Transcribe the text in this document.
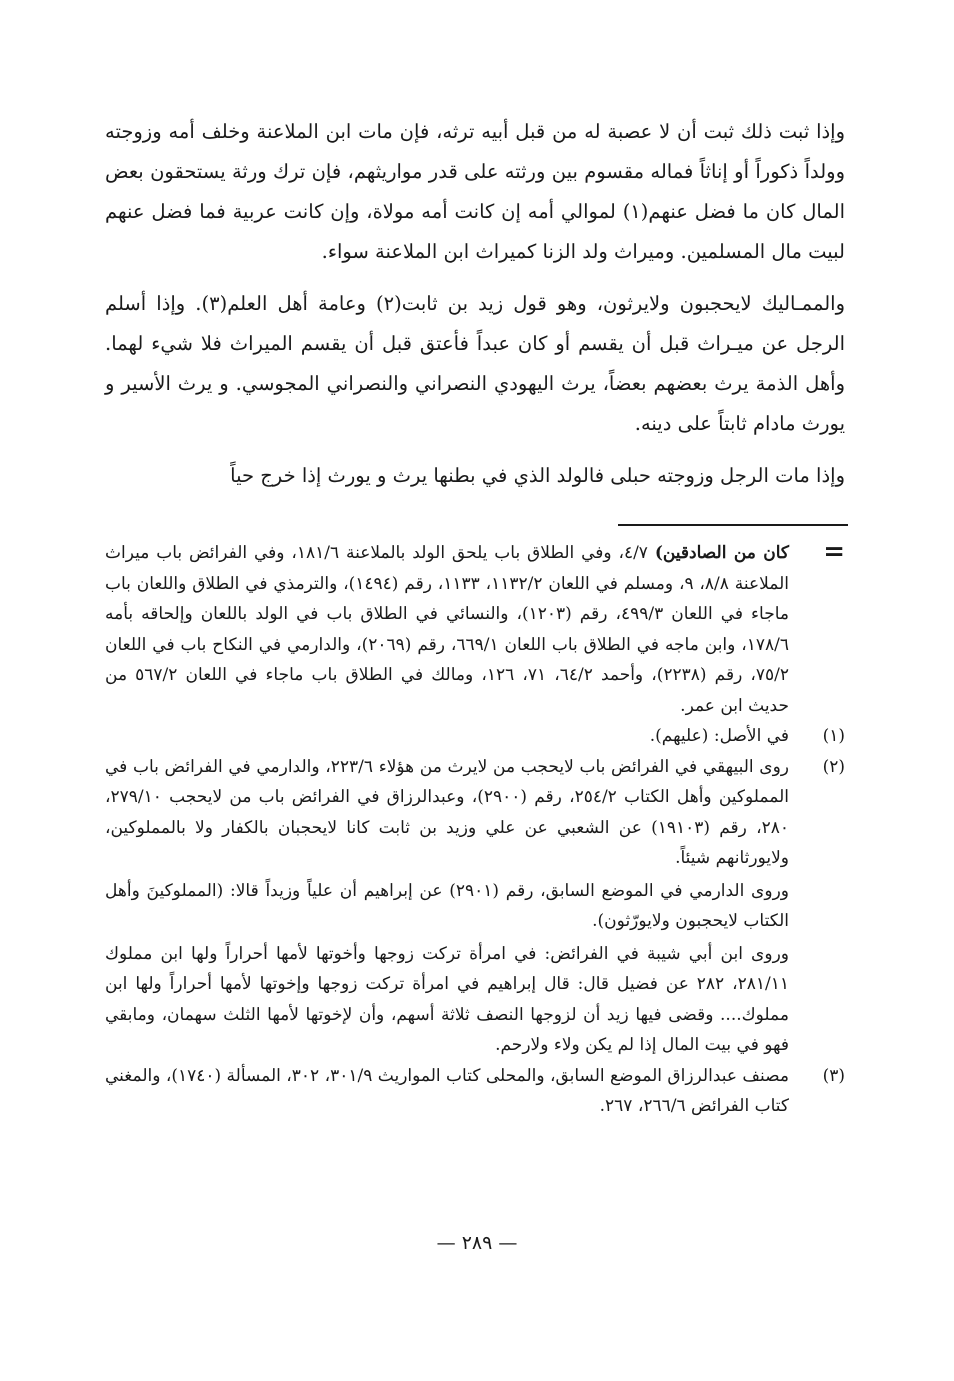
وإذا ثبت ذلك ثبت أن لا عصبة له من قبل أبيه ترثه، فإن مات ابن الملاعنة وخلف أمه وزوجته وولداً ذكوراً أو إناثاً فماله مقسوم بين ورثته على قدر مواريثهم، فإن ترك ورثة يستحقون بعض المال كان ما فضل عنهم(١) لموالي أمه إن كانت أمه مولاة، وإن كانت عربية فما فضل عنهم لبيت مال المسلمين. وميراث ولد الزنا كميراث ابن الملاعنة سواء.

والممـاليك لايحجبون ولايرثون، وهو قول زيد بن ثابت(٢) وعامة أهل العلم(٣). وإذا أسلم الرجل عن ميـراث قبل أن يقسم أو كان عبداً فأعتق قبل أن يقسم الميراث فلا شيء لهما. وأهل الذمة يرث بعضهم بعضاً، يرث اليهودي النصراني والنصراني المجوسي. و يرث الأسير و يورث مادام ثابتاً على دينه.

وإذا مات الرجل وزوجته حبلى فالولد الذي في بطنها يرث و يورث إذا خرج حياً

=

كان من الصادقين) ٤/٧، وفي الطلاق باب يلحق الولد بالملاعنة ١٨١/٦، وفي الفرائض باب ميراث الملاعنة ٨/٨، ٩، ومسلم في اللعان ١١٣٢/٢، ١١٣٣، رقم (١٤٩٤)، والترمذي في الطلاق واللعان باب ماجاء في اللعان ٤٩٩/٣، رقم (١٢٠٣)، والنسائي في الطلاق باب في الولد باللعان وإلحاقه بأمه ١٧٨/٦، وابن ماجه في الطلاق باب اللعان ٦٦٩/١، رقم (٢٠٦٩)، والدارمي في النكاح باب في اللعان ٧٥/٢، رقم (٢٢٣٨)، وأحمد ٦٤/٢، ٧١، ١٢٦، ومالك في الطلاق باب ماجاء في اللعان ٥٦٧/٢ من حديث ابن عمر.

(١)

في الأصل: (عليهم).

(٢)

روى البيهقي في الفرائض باب لايحجب من لايرث من هؤلاء ٢٢٣/٦، والدارمي في الفرائض باب في المملوكين وأهل الكتاب ٢٥٤/٢، رقم (٢٩٠٠)، وعبدالرزاق في الفرائض باب من لايحجب ٢٧٩/١٠، ٢٨٠، رقم (١٩١٠٣) عن الشعبي عن علي وزيد بن ثابت كانا لايحجبان بالكفار ولا بالمملوكين، ولايورثانهم شيئاً.

وروى الدارمي في الموضع السابق، رقم (٢٩٠١) عن إبراهيم أن علياً وزيداً قالا: (المملوكينَ وأهل الكتاب لايحجبون ولايورّثون).

وروى ابن أبي شيبة في الفرائض: في امرأة تركت زوجها وأخوتها لأمها أحراراً ولها ابن مملوك ٢٨١/١١، ٢٨٢ عن فضيل قال: قال إبراهيم في امرأة تركت زوجها وإخوتها لأمها أحراراً ولها ابن مملوك.... وقضى فيها زيد أن لزوجها النصف ثلاثة أسهم، وأن لإخوتها لأمها الثلث سهمان، ومابقي فهو في بيت المال إذا لم يكن ولاء ولارحم.

(٣)

مصنف عبدالرزاق الموضع السابق، والمحلى كتاب المواريث ٣٠١/٩، ٣٠٢، المسألة (١٧٤٠)، والمغني كتاب الفرائض ٢٦٦/٦، ٢٦٧.

— ٢٨٩ —
